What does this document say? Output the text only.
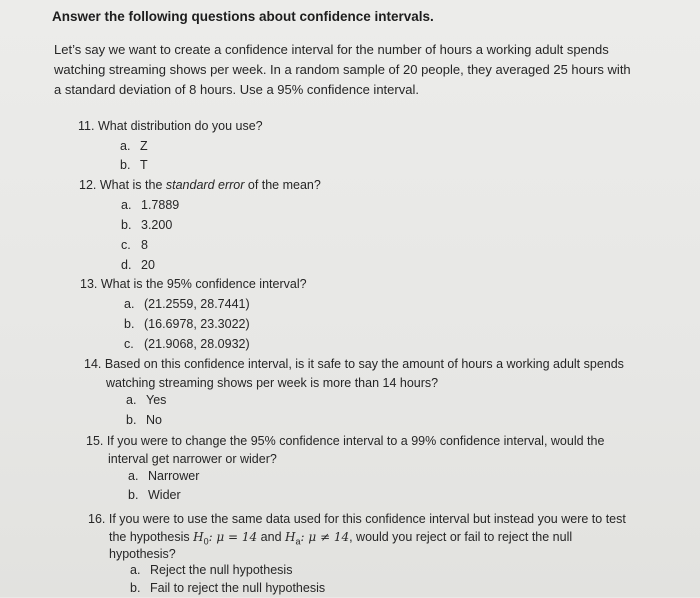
Answer the following questions about confidence intervals.
Let’s say we want to create a confidence interval for the number of hours a working adult spends
watching streaming shows per week. In a random sample of 20 people, they averaged 25 hours with
a standard deviation of 8 hours. Use a 95% confidence interval.
11. What distribution do you use?
a. Z
b. T
12. What is the standard error of the mean?
a. 1.7889
b. 3.200
c. 8
d. 20
13. What is the 95% confidence interval?
a. (21.2559, 28.7441)
b. (16.6978, 23.3022)
c. (21.9068, 28.0932)
14. Based on this confidence interval, is it safe to say the amount of hours a working adult spends
watching streaming shows per week is more than 14 hours?
a. Yes
b. No
15. If you were to change the 95% confidence interval to a 99% confidence interval, would the
interval get narrower or wider?
a. Narrower
b. Wider
16. If you were to use the same data used for this confidence interval but instead you were to test
the hypothesis $H_0$: μ = 14 and $H_a$: μ ≠ 14, would you reject or fail to reject the null
hypothesis?
a. Reject the null hypothesis
b. Fail to reject the null hypothesis
